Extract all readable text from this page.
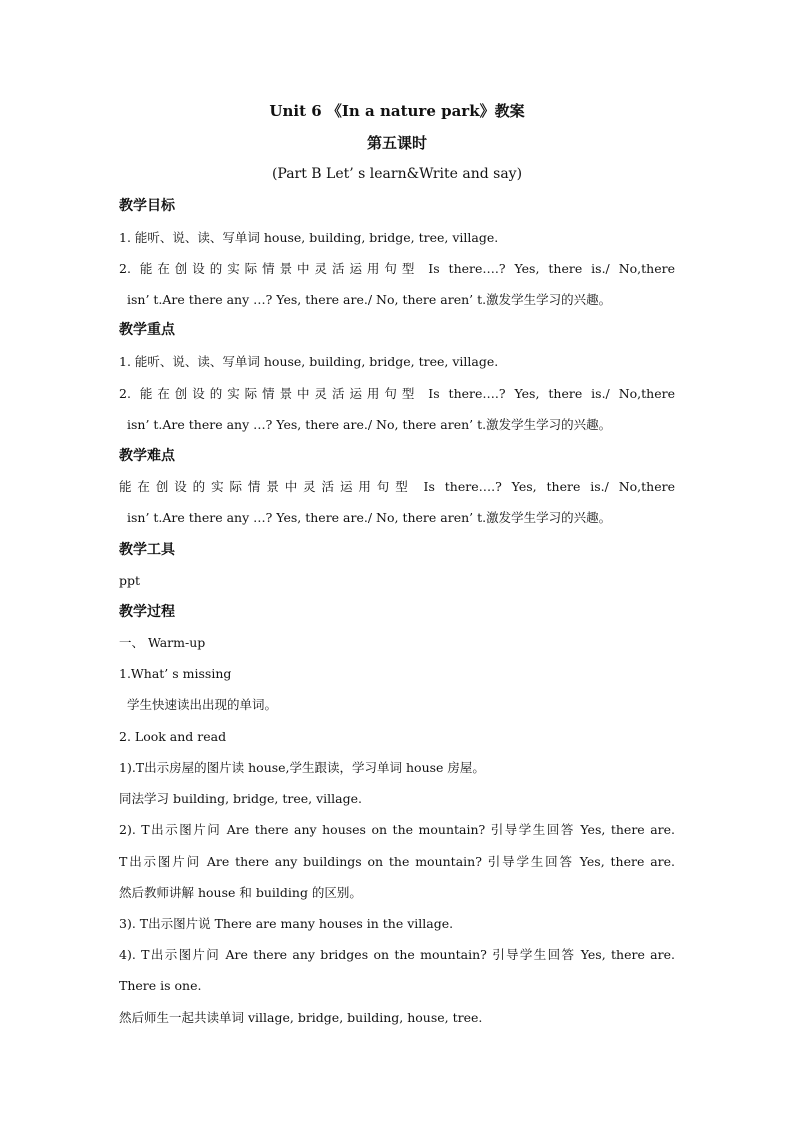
Unit 6 《In a nature park》教案
第五课时
(Part B Let’ s learn&Write and say)
教学目标
1. 能听、说、读、写单词 house, building, bridge, tree, village.
2. 能在创设的实际情景中灵活运用句型 Is there….? Yes, there is./ No,there
isn’ t.Are there any …? Yes, there are./ No, there aren’ t.激发学生学习的兴趣。
教学重点
1. 能听、说、读、写单词 house, building, bridge, tree, village.
2. 能在创设的实际情景中灵活运用句型 Is there….? Yes, there is./ No,there
isn’ t.Are there any …? Yes, there are./ No, there aren’ t.激发学生学习的兴趣。
教学难点
能在创设的实际情景中灵活运用句型 Is there….? Yes, there is./ No,there
isn’ t.Are there any …? Yes, there are./ No, there aren’ t.激发学生学习的兴趣。
教学工具
ppt
教学过程
一、 Warm-up
1.What’ s missing
学生快速读出出现的单词。
2. Look and read
1).T出示房屋的图片读 house,学生跟读，学习单词 house 房屋。
同法学习 building, bridge, tree, village.
2). T出示图片问 Are there any houses on the mountain? 引导学生回答 Yes, there are.
T出示图片问 Are there any buildings on the mountain? 引导学生回答 Yes, there are.
然后教师讲解 house 和 building 的区别。
3). T出示图片说 There are many houses in the village.
4). T出示图片问 Are there any bridges on the mountain? 引导学生回答 Yes, there are.
There is one.
然后师生一起共读单词 village, bridge, building, house, tree.
